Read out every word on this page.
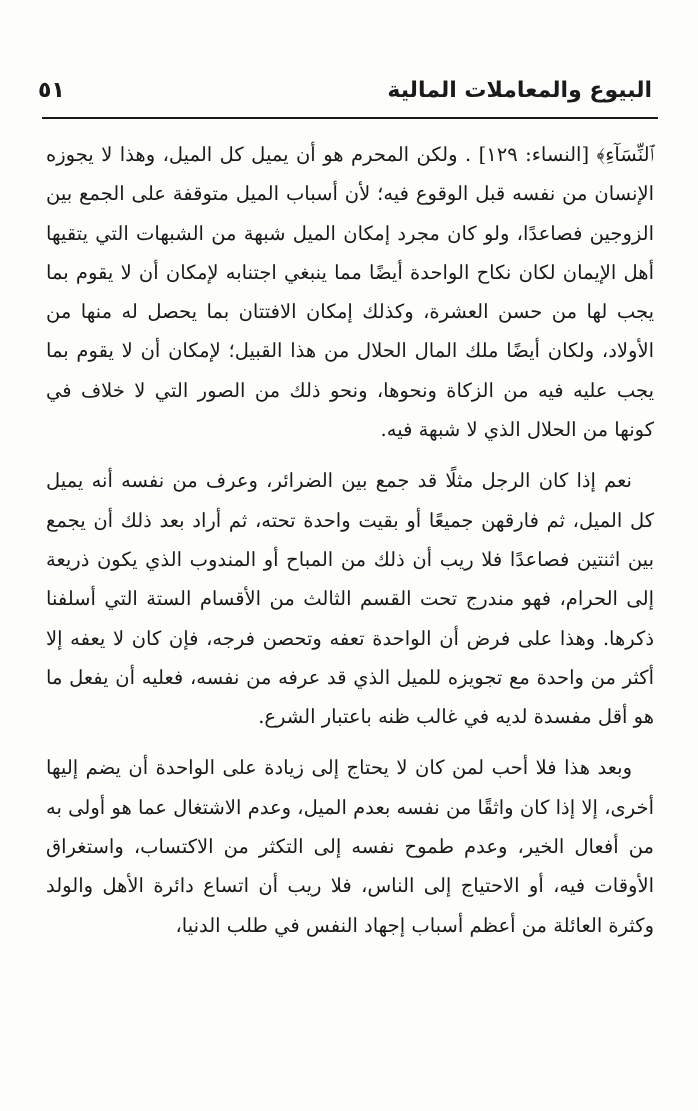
البيوع والمعاملات المالية
٥١

ﭐﻟﻨِّﺴَﺎٓءِ﴾ [النساء: ١٢٩] . ولكن المحرم هو أن يميل كل الميل، وهذا لا يجوزه الإنسان من نفسه قبل الوقوع فيه؛ لأن أسباب الميل متوقفة على الجمع بين الزوجين فصاعدًا، ولو كان مجرد إمكان الميل شبهة من الشبهات التي يتقيها أهل الإيمان لكان نكاح الواحدة أيضًا مما ينبغي اجتنابه لإمكان أن لا يقوم بما يجب لها من حسن العشرة، وكذلك إمكان الافتتان بما يحصل له منها من الأولاد، ولكان أيضًا ملك المال الحلال من هذا القبيل؛ لإمكان أن لا يقوم بما يجب عليه فيه من الزكاة ونحوها، ونحو ذلك من الصور التي لا خلاف في كونها من الحلال الذي لا شبهة فيه.

نعم إذا كان الرجل مثلًا قد جمع بين الضرائر، وعرف من نفسه أنه يميل كل الميل، ثم فارقهن جميعًا أو بقيت واحدة تحته، ثم أراد بعد ذلك أن يجمع بين اثنتين فصاعدًا فلا ريب أن ذلك من المباح أو المندوب الذي يكون ذريعة إلى الحرام، فهو مندرج تحت القسم الثالث من الأقسام الستة التي أسلفنا ذكرها. وهذا على فرض أن الواحدة تعفه وتحصن فرجه، فإن كان لا يعفه إلا أكثر من واحدة مع تجويزه للميل الذي قد عرفه من نفسه، فعليه أن يفعل ما هو أقل مفسدة لديه في غالب ظنه باعتبار الشرع.

وبعد هذا فلا أحب لمن كان لا يحتاج إلى زيادة على الواحدة أن يضم إليها أخرى، إلا إذا كان واثقًا من نفسه بعدم الميل، وعدم الاشتغال عما هو أولى به من أفعال الخير، وعدم طموح نفسه إلى التكثر من الاكتساب، واستغراق الأوقات فيه، أو الاحتياج إلى الناس، فلا ريب أن اتساع دائرة الأهل والولد وكثرة العائلة من أعظم أسباب إجهاد النفس في طلب الدنيا،
